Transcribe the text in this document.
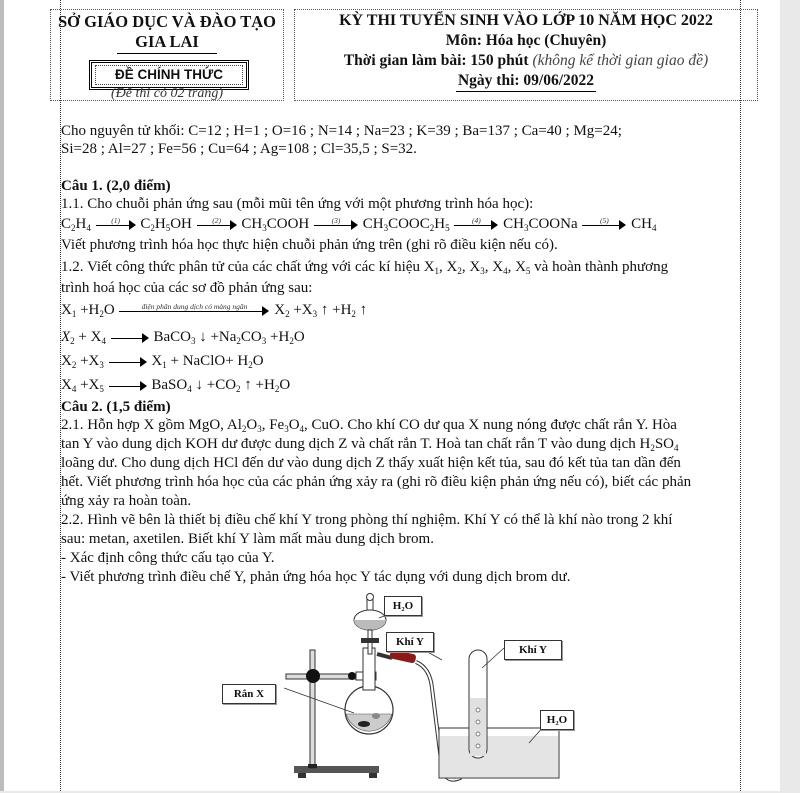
SỞ GIÁO DỤC VÀ ĐÀO TẠO
GIA LAI
ĐỀ CHÍNH THỨC
(Đề thi có 02 trang)
KỲ THI TUYỂN SINH VÀO LỚP 10 NĂM HỌC 2022
Môn: Hóa học (Chuyên)
Thời gian làm bài: 150 phút (không kể thời gian giao đề)
Ngày thi: 09/06/2022
Cho nguyên tử khối: C=12 ; H=1 ; O=16 ; N=14 ; Na=23 ; K=39 ; Ba=137 ; Ca=40 ; Mg=24;
Si=28 ; Al=27 ; Fe=56 ; Cu=64 ; Ag=108 ; Cl=35,5 ; S=32.
Câu 1. (2,0 điểm)
1.1. Cho chuỗi phản ứng sau (mỗi mũi tên ứng với một phương trình hóa học):
$C_2H_4$
(1)	$C_2H_5OH$	(2)	$CH_3COOH$	(3)	$CH_3COOC_2H_5$
(4)	$CH_3COONa$	(5)	$CH_4$
Viết phương trình hóa học thực hiện chuỗi phản ứng trên (ghi rõ điều kiện nếu có).
1.2. Viết công thức phân tử của các chất ứng với các kí hiệu $X_1$, $X_2$, $X_3$, $X_4$, $X_5$ và hoàn thành phương
trình hoá học của các sơ đồ phản ứng sau:
$X_1 +H_2O$	điện phân dung dịch có màng ngăn	$X_2 +X_3$ ↑ $+H_2$ ↑
$X_2 + X_4$	BaCO$_3$ ↓ $+Na_2CO_3 +H_2O$
$X_2 +X_3$	$X_1$ + NaClO+ $H_2O$
$X_4 +X_5$	BaSO$_4$ ↓ $+CO_2$ ↑ $+H_2O$
Câu 2. (1,5 điểm)
2.1. Hỗn hợp X gồm MgO, $Al_2O_3$, $Fe_3O_4$, CuO. Cho khí CO dư qua X nung nóng được chất rắn Y. Hòa
tan Y vào dung dịch KOH dư được dung dịch Z và chất rắn T. Hoà tan chất rắn T vào dung dịch $H_2SO_4$
loãng dư. Cho dung dịch HCl đến dư vào dung dịch Z thấy xuất hiện kết tủa, sau đó kết tủa tan dần đến
hết. Viết phương trình hóa học của các phản ứng xảy ra (ghi rõ điều kiện phản ứng nếu có), biết các phản
ứng xảy ra hoàn toàn.
2.2. Hình vẽ bên là thiết bị điều chế khí Y trong phòng thí nghiệm. Khí Y có thể là khí nào trong 2 khí
sau: metan, axetilen. Biết khí Y làm mất màu dung dịch brom.
- Xác định công thức cấu tạo của Y.
- Viết phương trình điều chế Y, phản ứng hóa học Y tác dụng với dung dịch brom dư.
H₂O
Khí Y
Khí Y
Rắn X
H₂O
